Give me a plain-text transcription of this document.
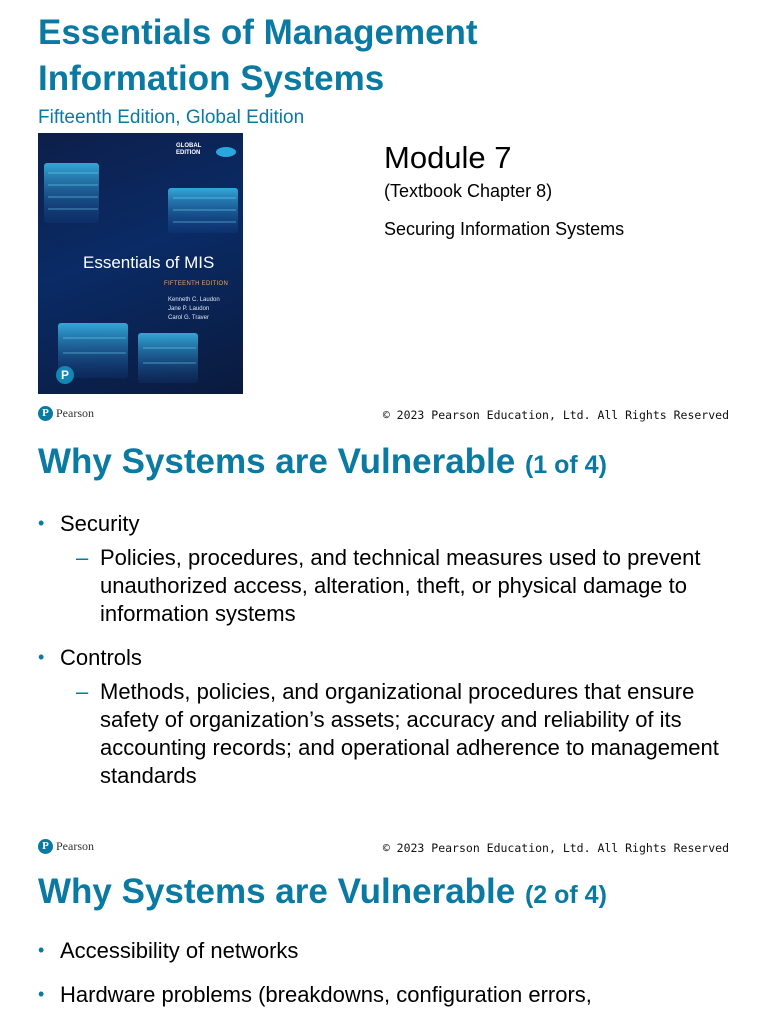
Essentials of Management
Information Systems
Fifteenth Edition, Global Edition
GLOBAL
EDITION
Essentials of MIS
FIFTEENTH EDITION
Kenneth C. Laudon
Jane P. Laudon
Carol G. Traver
P
Module 7
(Textbook Chapter 8)
Securing Information Systems
P Pearson	© 2023 Pearson Education, Ltd. All Rights Reserved
Why Systems are Vulnerable (1 of 4)
• Security
– Policies, procedures, and technical measures used to prevent unauthorized access, alteration, theft, or physical damage to information systems
• Controls
– Methods, policies, and organizational procedures that ensure safety of organization’s assets; accuracy and reliability of its accounting records; and operational adherence to management standards
P Pearson	© 2023 Pearson Education, Ltd. All Rights Reserved
Why Systems are Vulnerable (2 of 4)
• Accessibility of networks
• Hardware problems (breakdowns, configuration errors,
